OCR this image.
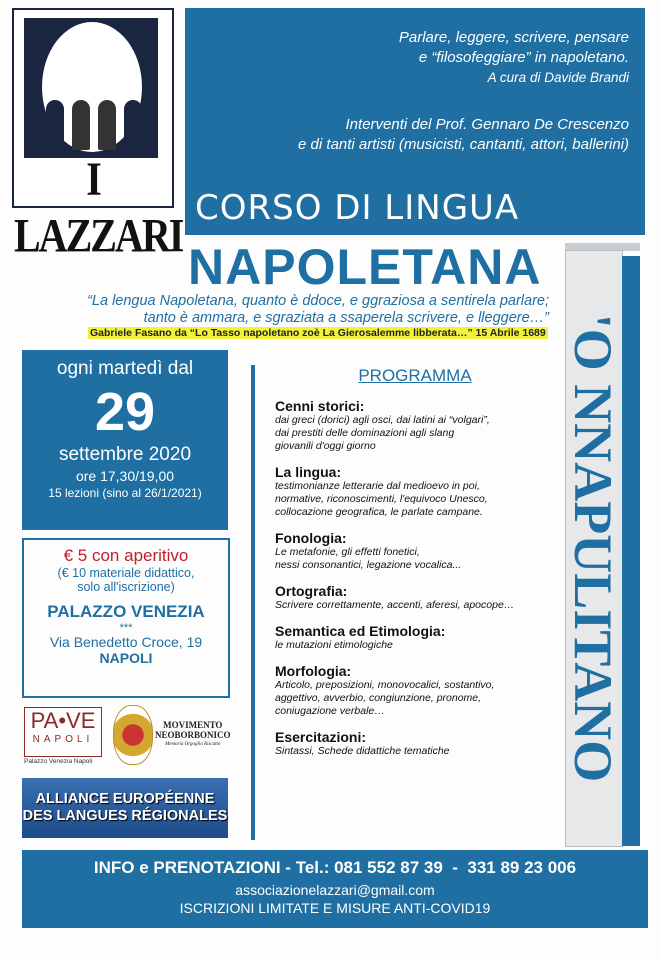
I LAZZARI
Parlare, leggere, scrivere, pensare
e “filosofeggiare” in napoletano.
A cura di Davide Brandi
Interventi del Prof. Gennaro De Crescenzo
e di tanti artisti (musicisti, cantanti, attori, ballerini)
CORSO DI LINGUA
NAPOLETANA
“La lengua Napoletana, quanto è ddoce, e ggraziosa a sentirela parlare;
tanto è ammara, e sgraziata a ssaperela scrivere, e lleggere…”
Gabriele Fasano da “Lo Tasso napoletano zoè La Gierosalemme libberata…” 15 Abrile 1689 'O NNAPULITANO
ogni martedì dal
29
settembre 2020
ore 17,30/19,00
15 lezioni (sino al 26/1/2021)
€ 5 con aperitivo
(€ 10 materiale didattico,
solo all'iscrizione)
PALAZZO VENEZIA
***
Via Benedetto Croce, 19
NAPOLI
PA•VE
NAPOLI
Palazzo Venezia Napoli
MOVIMENTO
NEOBORBONICO
Memoria Orgoglio Riscatto
ALLIANCE EUROPÉENNE
DES LANGUES RÉGIONALES
PROGRAMMA
Cenni storici:
dai greci (dorici) agli osci, dai latini ai “volgari”,
dai prestiti delle dominazioni agli slang
giovanili d'oggi giorno
La lingua:
testimonianze letterarie dal medioevo in poi,
normative, riconoscimenti, l'equivoco Unesco,
collocazione geografica, le parlate campane.
Fonologia:
Le metafonie, gli effetti fonetici,
nessi consonantici, legazione vocalica...
Ortografia:
Scrivere correttamente, accenti, aferesi, apocope…
Semantica ed Etimologia:
le mutazioni etimologiche
Morfologia:
Articolo, preposizioni, monovocalici, sostantivo,
aggettivo, avverbio, congiunzione, pronome,
coniugazione verbale…
Esercitazioni:
Sintassi, Schede didattiche tematiche
INFO e PRENOTAZIONI - Tel.: 081 552 87 39  -  331 89 23 006
associazionelazzari@gmail.com
ISCRIZIONI LIMITATE E MISURE ANTI-COVID19
